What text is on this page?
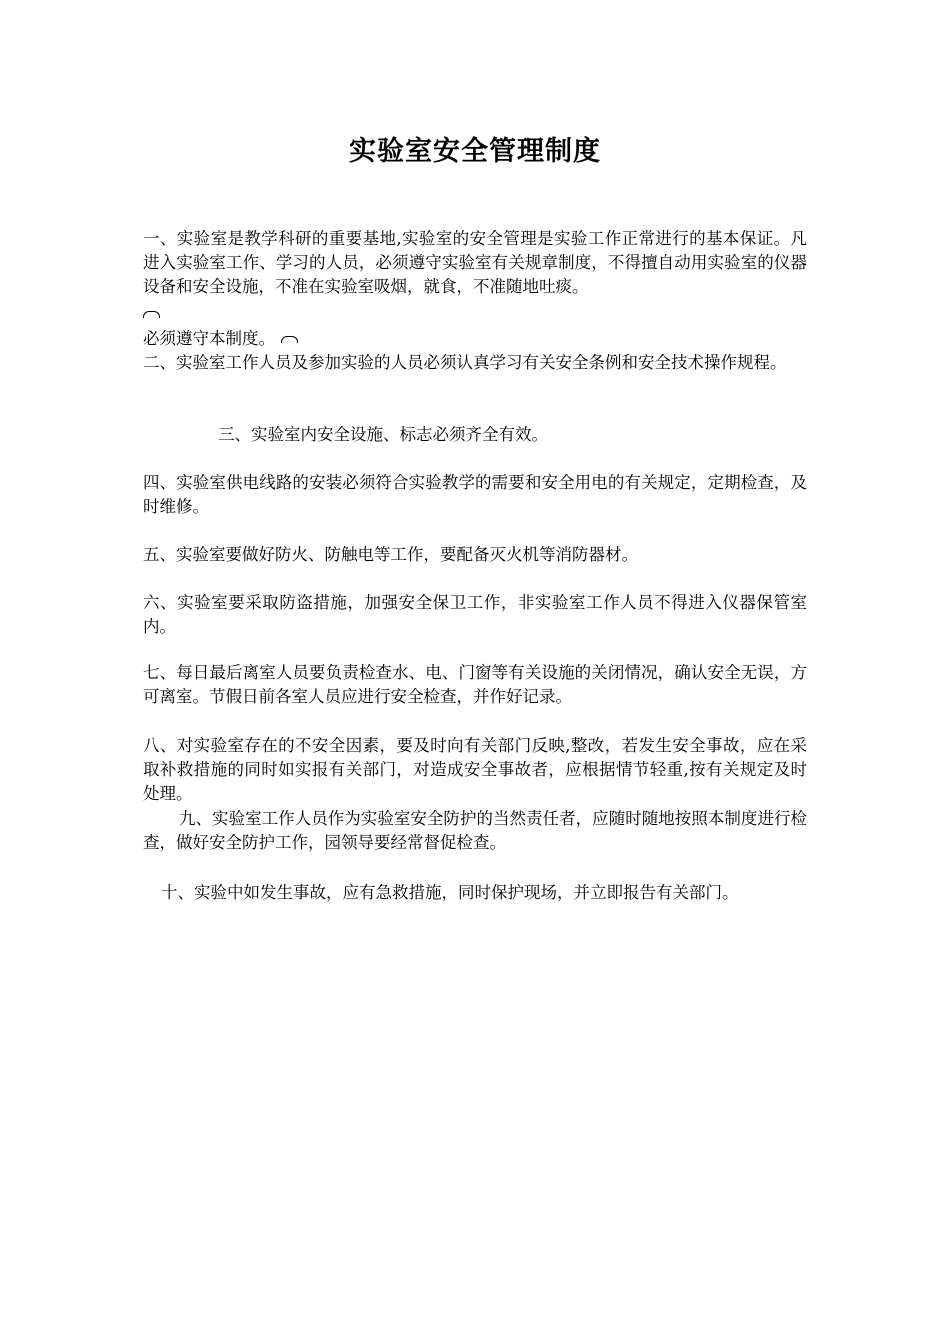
实验室安全管理制度
一、实验室是教学科研的重要基地,实验室的安全管理是实验工作正常进行的基本保证。凡进入实验室工作、学习的人员，必须遵守实验室有关规章制度，不得擅自动用实验室的仪器设备和安全设施，不准在实验室吸烟，就食，不准随地吐痰。
必须遵守本制度。
二、实验室工作人员及参加实验的人员必须认真学习有关安全条例和安全技术操作规程。
三、实验室内安全设施、标志必须齐全有效。
四、实验室供电线路的安装必须符合实验教学的需要和安全用电的有关规定，定期检查，及时维修。
五、实验室要做好防火、防触电等工作，要配备灭火机等消防器材。
六、实验室要采取防盗措施，加强安全保卫工作，非实验室工作人员不得进入仪器保管室内。
七、每日最后离室人员要负责检查水、电、门窗等有关设施的关闭情况，确认安全无误，方可离室。节假日前各室人员应进行安全检查，并作好记录。
八、对实验室存在的不安全因素，要及时向有关部门反映,整改，若发生安全事故，应在采取补救措施的同时如实报有关部门，对造成安全事故者，应根据情节轻重,按有关规定及时处理。
九、实验室工作人员作为实验室安全防护的当然责任者，应随时随地按照本制度进行检查，做好安全防护工作，园领导要经常督促检查。
十、实验中如发生事故，应有急救措施，同时保护现场，并立即报告有关部门。
